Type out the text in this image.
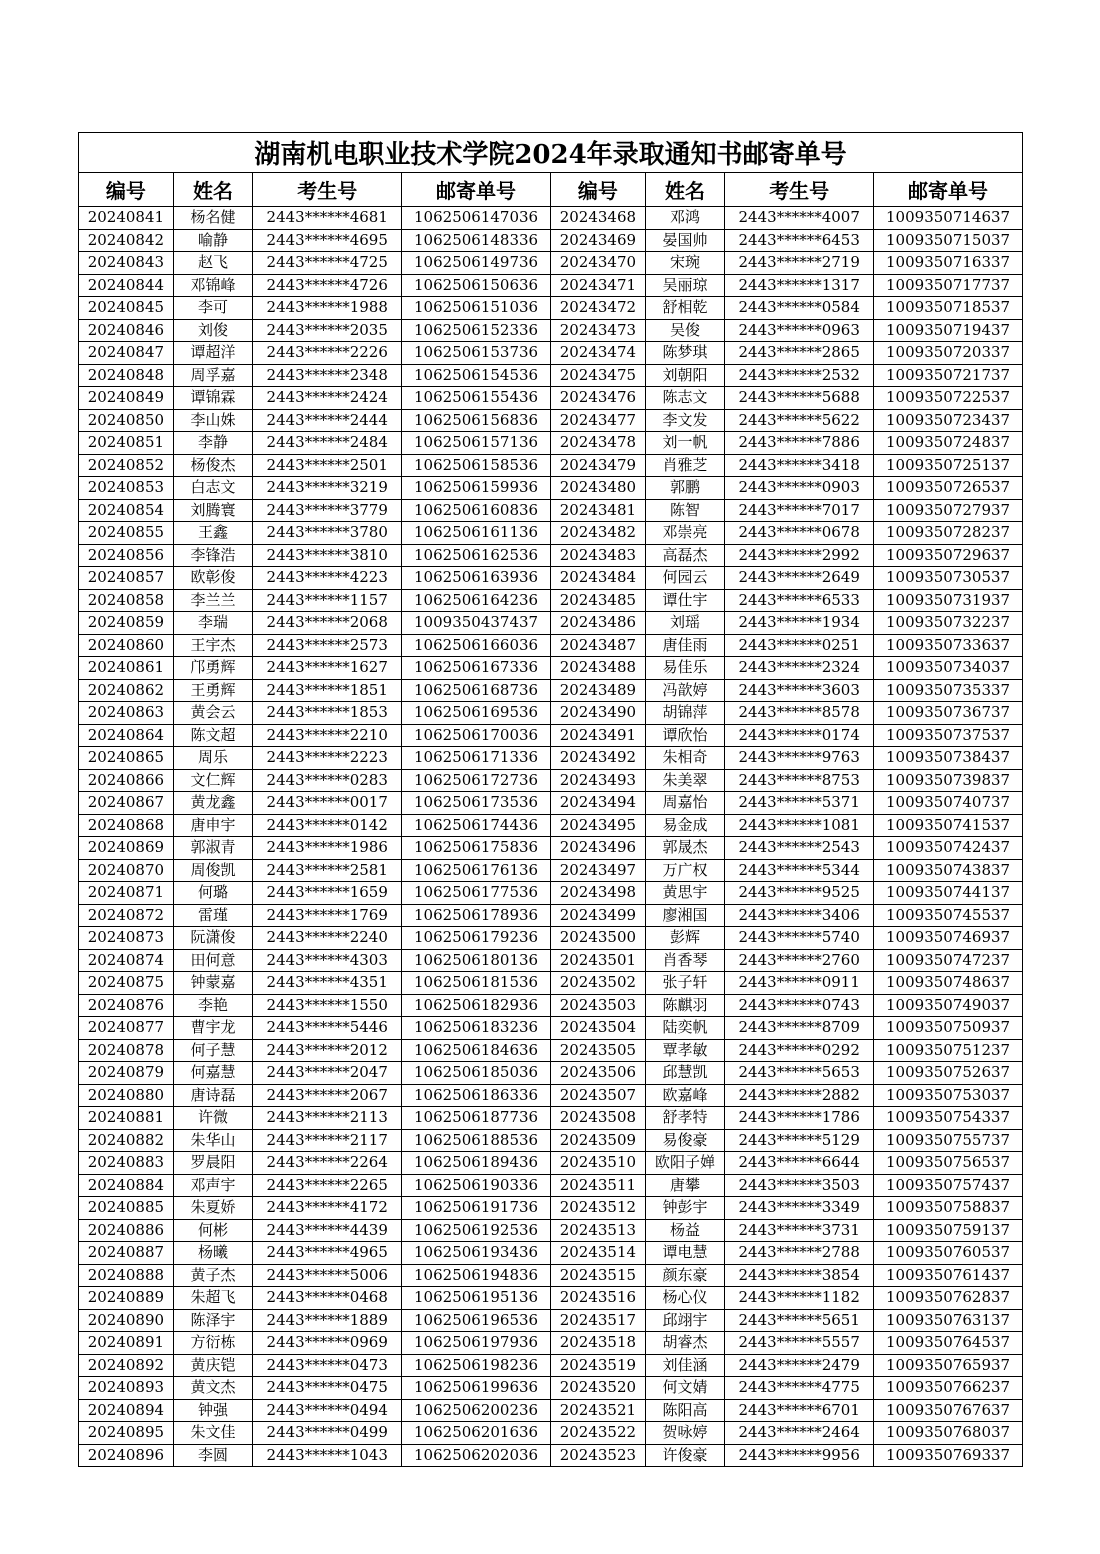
湖南机电职业技术学院2024年录取通知书邮寄单号							
编号	姓名	考生号	邮寄单号	编号	姓名	考生号	邮寄单号
20240841	杨名健	2443******4681	1062506147036	20243468	邓鸿	2443******4007	1009350714637
20240842	喻静	2443******4695	1062506148336	20243469	晏国帅	2443******6453	1009350715037
20240843	赵飞	2443******4725	1062506149736	20243470	宋琬	2443******2719	1009350716337
20240844	邓锦峰	2443******4726	1062506150636	20243471	吴丽琼	2443******1317	1009350717737
20240845	李可	2443******1988	1062506151036	20243472	舒相乾	2443******0584	1009350718537
20240846	刘俊	2443******2035	1062506152336	20243473	吴俊	2443******0963	1009350719437
20240847	谭超洋	2443******2226	1062506153736	20243474	陈梦琪	2443******2865	1009350720337
20240848	周孚嘉	2443******2348	1062506154536	20243475	刘朝阳	2443******2532	1009350721737
20240849	谭锦霖	2443******2424	1062506155436	20243476	陈志文	2443******5688	1009350722537
20240850	李山姝	2443******2444	1062506156836	20243477	李文发	2443******5622	1009350723437
20240851	李静	2443******2484	1062506157136	20243478	刘一帆	2443******7886	1009350724837
20240852	杨俊杰	2443******2501	1062506158536	20243479	肖雅芝	2443******3418	1009350725137
20240853	白志文	2443******3219	1062506159936	20243480	郭鹏	2443******0903	1009350726537
20240854	刘腾寰	2443******3779	1062506160836	20243481	陈智	2443******7017	1009350727937
20240855	王鑫	2443******3780	1062506161136	20243482	邓崇亮	2443******0678	1009350728237
20240856	李锋浩	2443******3810	1062506162536	20243483	高磊杰	2443******2992	1009350729637
20240857	欧彰俊	2443******4223	1062506163936	20243484	何园云	2443******2649	1009350730537
20240858	李兰兰	2443******1157	1062506164236	20243485	谭仕宇	2443******6533	1009350731937
20240859	李瑞	2443******2068	1009350437437	20243486	刘瑶	2443******1934	1009350732237
20240860	王宇杰	2443******2573	1062506166036	20243487	唐佳雨	2443******0251	1009350733637
20240861	邝勇辉	2443******1627	1062506167336	20243488	易佳乐	2443******2324	1009350734037
20240862	王勇辉	2443******1851	1062506168736	20243489	冯歆婷	2443******3603	1009350735337
20240863	黄会云	2443******1853	1062506169536	20243490	胡锦萍	2443******8578	1009350736737
20240864	陈文超	2443******2210	1062506170036	20243491	谭欣怡	2443******0174	1009350737537
20240865	周乐	2443******2223	1062506171336	20243492	朱相奇	2443******9763	1009350738437
20240866	文仁辉	2443******0283	1062506172736	20243493	朱美翠	2443******8753	1009350739837
20240867	黄龙鑫	2443******0017	1062506173536	20243494	周嘉怡	2443******5371	1009350740737
20240868	唐申宇	2443******0142	1062506174436	20243495	易金成	2443******1081	1009350741537
20240869	郭淑青	2443******1986	1062506175836	20243496	郭晟杰	2443******2543	1009350742437
20240870	周俊凯	2443******2581	1062506176136	20243497	万广权	2443******5344	1009350743837
20240871	何璐	2443******1659	1062506177536	20243498	黄思宇	2443******9525	1009350744137
20240872	雷瑾	2443******1769	1062506178936	20243499	廖湘国	2443******3406	1009350745537
20240873	阮潇俊	2443******2240	1062506179236	20243500	彭辉	2443******5740	1009350746937
20240874	田何意	2443******4303	1062506180136	20243501	肖香琴	2443******2760	1009350747237
20240875	钟蒙嘉	2443******4351	1062506181536	20243502	张子轩	2443******0911	1009350748637
20240876	李艳	2443******1550	1062506182936	20243503	陈麒羽	2443******0743	1009350749037
20240877	曹宇龙	2443******5446	1062506183236	20243504	陆奕帆	2443******8709	1009350750937
20240878	何子慧	2443******2012	1062506184636	20243505	覃孝敏	2443******0292	1009350751237
20240879	何嘉慧	2443******2047	1062506185036	20243506	邱慧凯	2443******5653	1009350752637
20240880	唐诗磊	2443******2067	1062506186336	20243507	欧嘉峰	2443******2882	1009350753037
20240881	许微	2443******2113	1062506187736	20243508	舒孝特	2443******1786	1009350754337
20240882	朱华山	2443******2117	1062506188536	20243509	易俊豪	2443******5129	1009350755737
20240883	罗晨阳	2443******2264	1062506189436	20243510	欧阳子婵	2443******6644	1009350756537
20240884	邓声宇	2443******2265	1062506190336	20243511	唐攀	2443******3503	1009350757437
20240885	朱夏娇	2443******4172	1062506191736	20243512	钟彭宇	2443******3349	1009350758837
20240886	何彬	2443******4439	1062506192536	20243513	杨益	2443******3731	1009350759137
20240887	杨曦	2443******4965	1062506193436	20243514	谭电慧	2443******2788	1009350760537
20240888	黄子杰	2443******5006	1062506194836	20243515	颜东豪	2443******3854	1009350761437
20240889	朱超飞	2443******0468	1062506195136	20243516	杨心仪	2443******1182	1009350762837
20240890	陈泽宇	2443******1889	1062506196536	20243517	邱翊宇	2443******5651	1009350763137
20240891	方衍栋	2443******0969	1062506197936	20243518	胡睿杰	2443******5557	1009350764537
20240892	黄庆铠	2443******0473	1062506198236	20243519	刘佳涵	2443******2479	1009350765937
20240893	黄文杰	2443******0475	1062506199636	20243520	何文婧	2443******4775	1009350766237
20240894	钟强	2443******0494	1062506200236	20243521	陈阳高	2443******6701	1009350767637
20240895	朱文佳	2443******0499	1062506201636	20243522	贺咏婷	2443******2464	1009350768037
20240896	李圆	2443******1043	1062506202036	20243523	许俊豪	2443******9956	1009350769337
